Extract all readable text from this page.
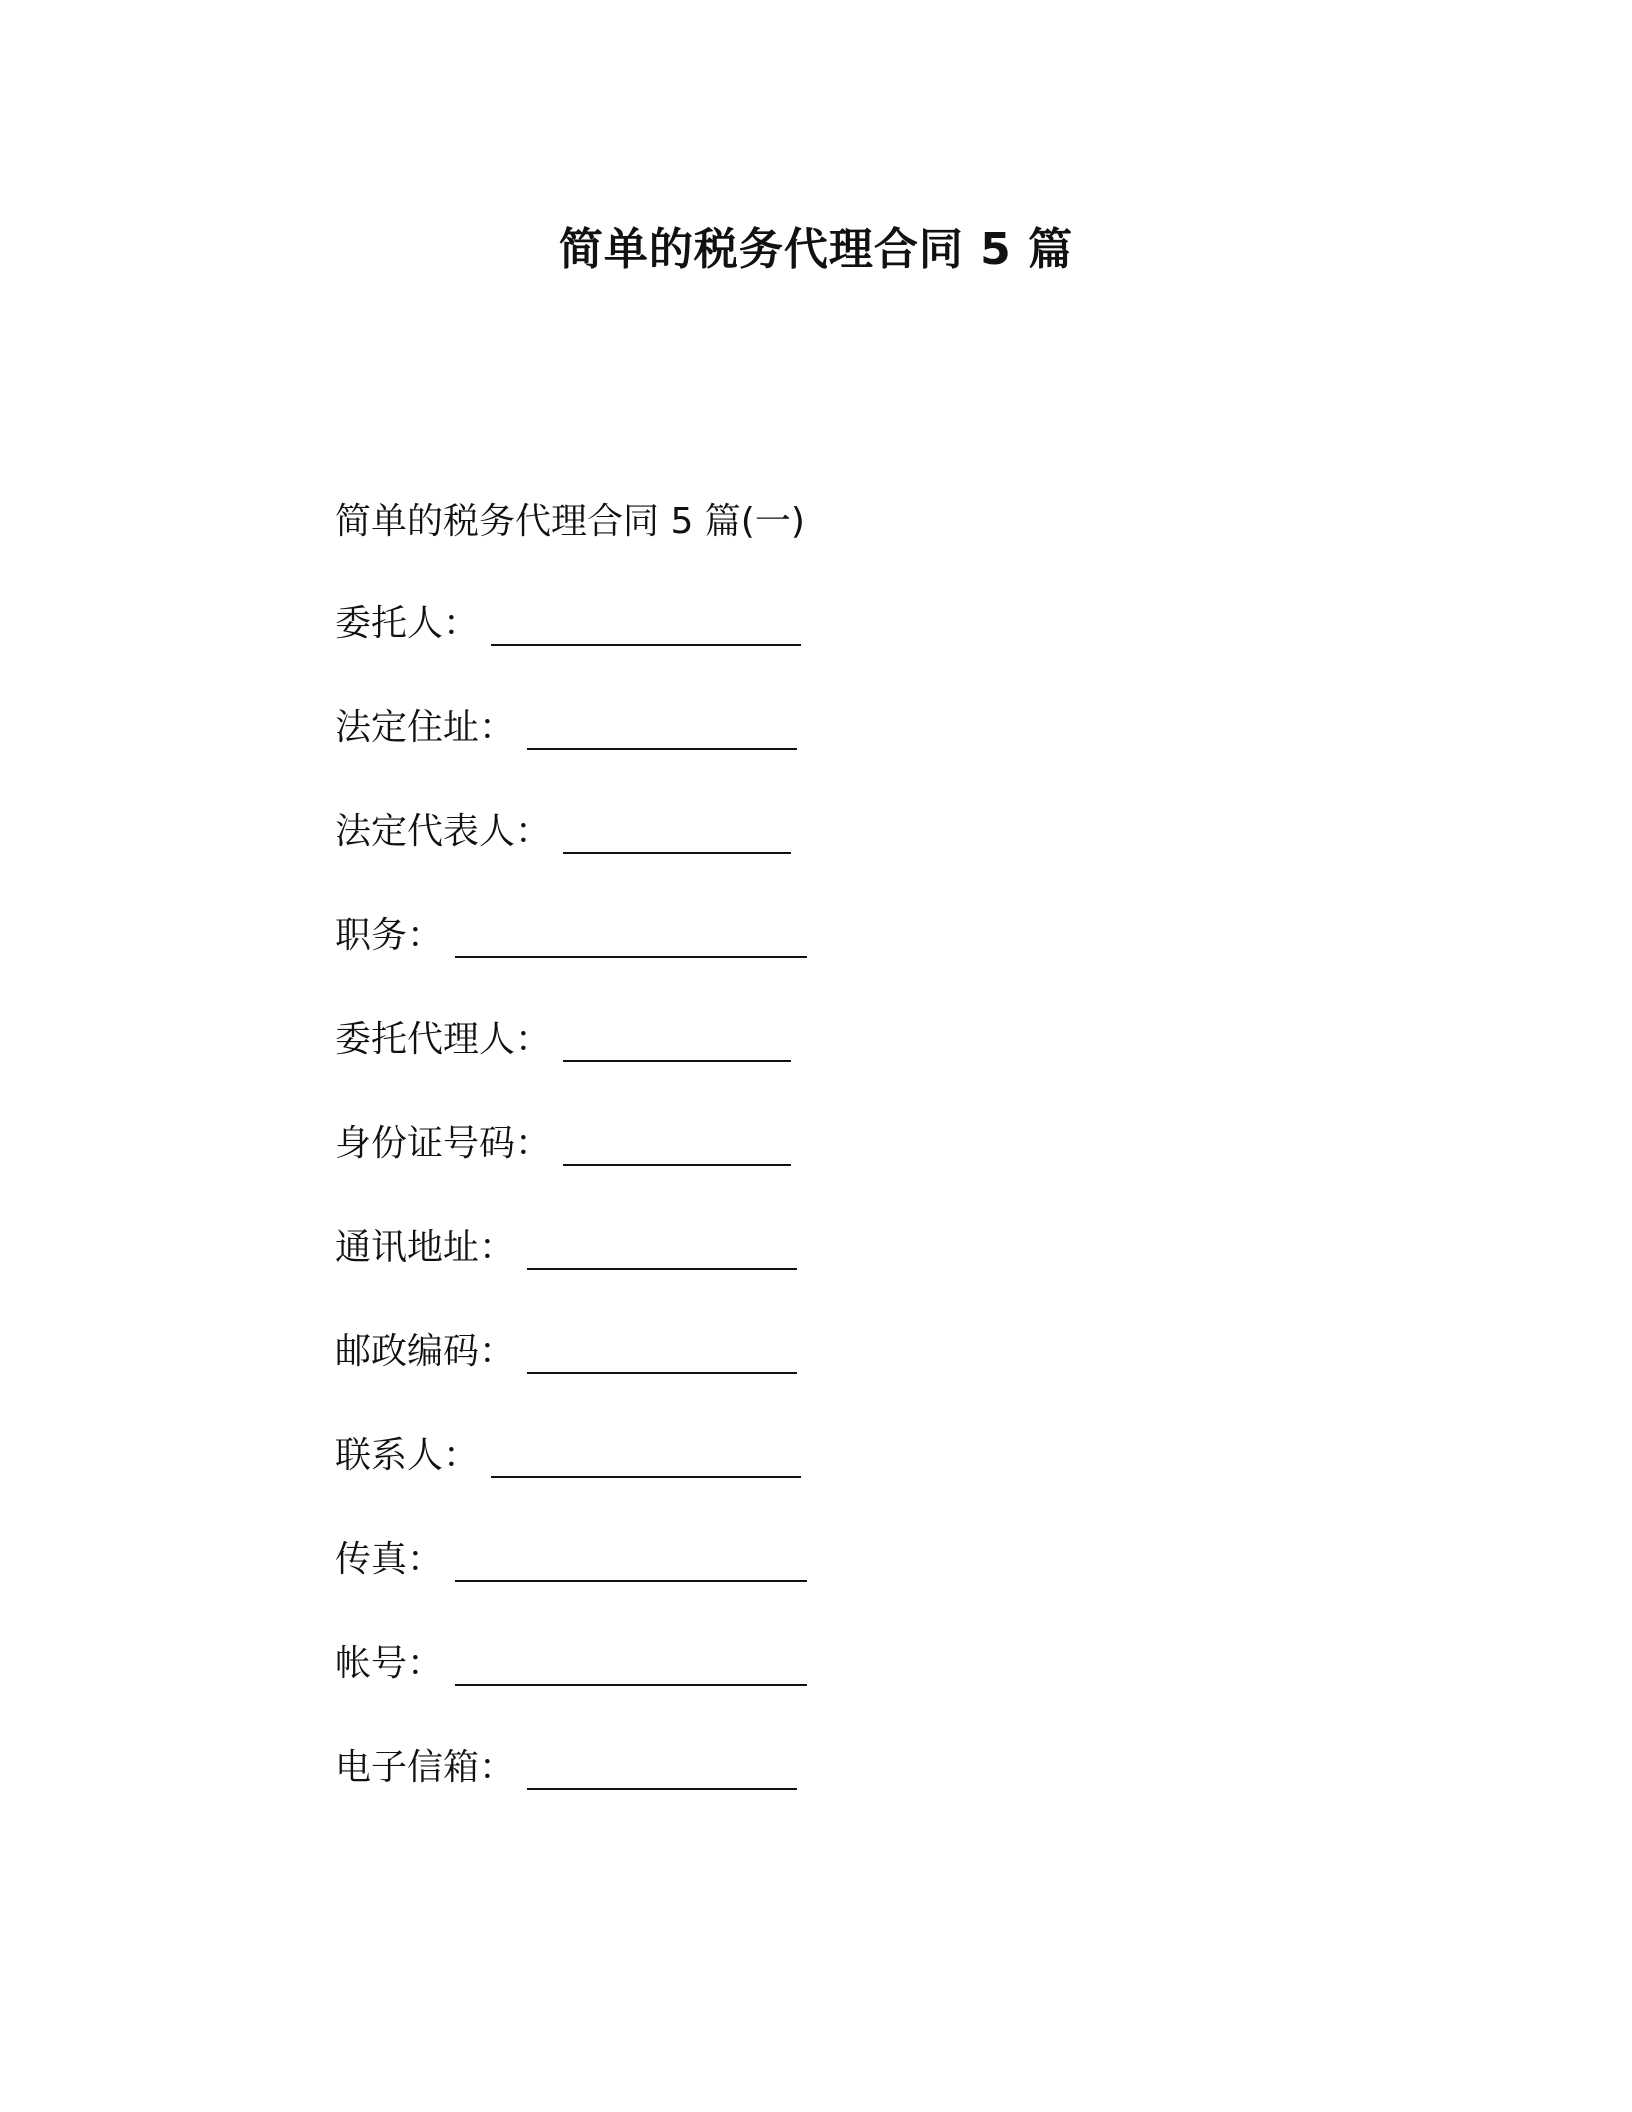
简单的税务代理合同 5 篇
简单的税务代理合同 5 篇(一)
委托人：
法定住址：
法定代表人：
职务：
委托代理人：
身份证号码：
通讯地址：
邮政编码：
联系人：
传真：
帐号：
电子信箱：
